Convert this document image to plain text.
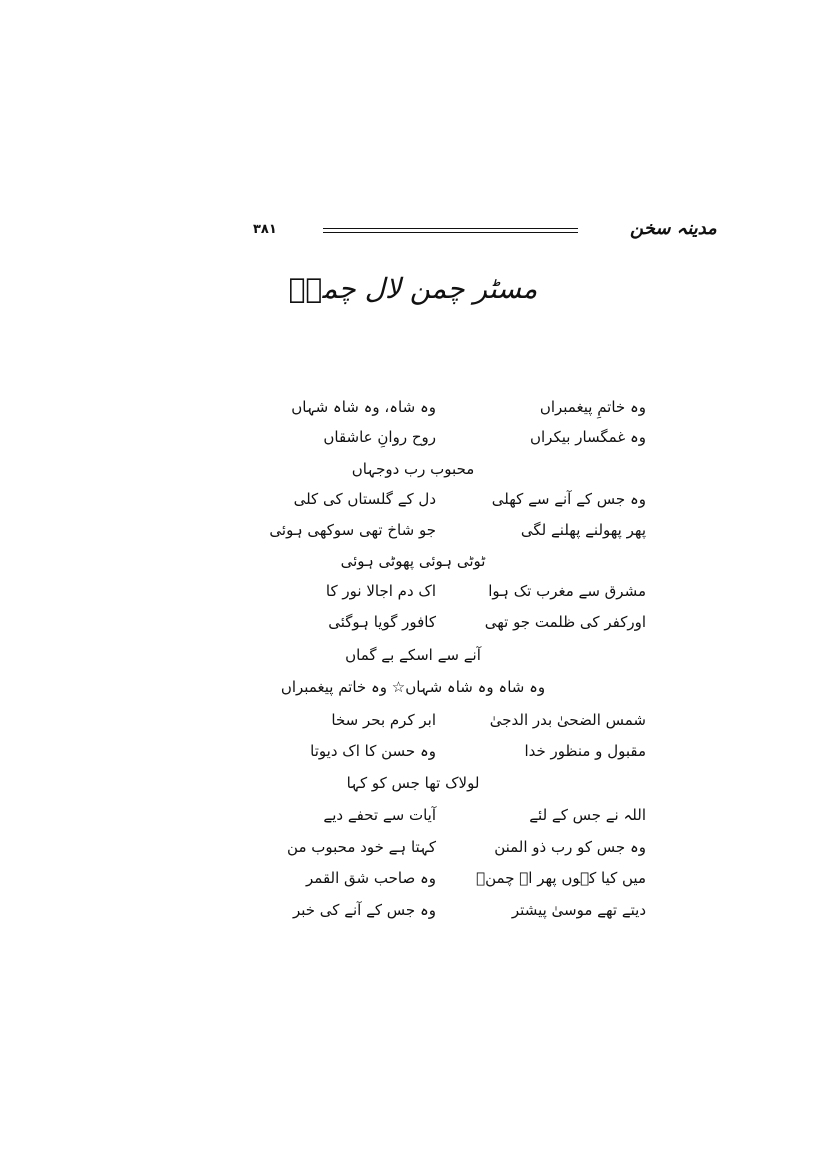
۳۸۱	مدینہ سخن
مسٹر چمن لال چمنؔ
وہ خاتمِ پیغمبراں
وہ شاہ، وہ شاہ شہاں
وہ غمگسار بیکراں
روح روانِ عاشقاں
محبوب رب دوجہاں
وہ جس کے آنے سے کھلی
دل کے گلستاں کی کلی
پھر پھولنے پھلنے لگی
جو شاخ تھی سوکھی ہوئی
ٹوٹی ہوئی پھوٹی ہوئی
مشرق سے مغرب تک ہوا
اک دم اجالا نور کا
اورکفر کی ظلمت جو تھی
کافور گویا ہوگئی
آنے سے اسکے بے گماں
وہ شاہ وہ شاہ شہاں☆ وہ خاتم پیغمبراں
شمس الضحیٰ بدر الدجیٰ
ابر کرم بحر سخا
مقبول و منظور خدا
وہ حسن کا اک دیوتا
لولاک تھا جس کو کہا
اللہ نے جس کے لئے
آیات سے تحفے دیے
وہ جس کو رب ذو المنن
کہتا ہے خود محبوب من
میں کیا کہوں پھر اے چمنؔ
وہ صاحب شق القمر
دیتے تھے موسیٰ پیشتر
وہ جس کے آنے کی خبر
